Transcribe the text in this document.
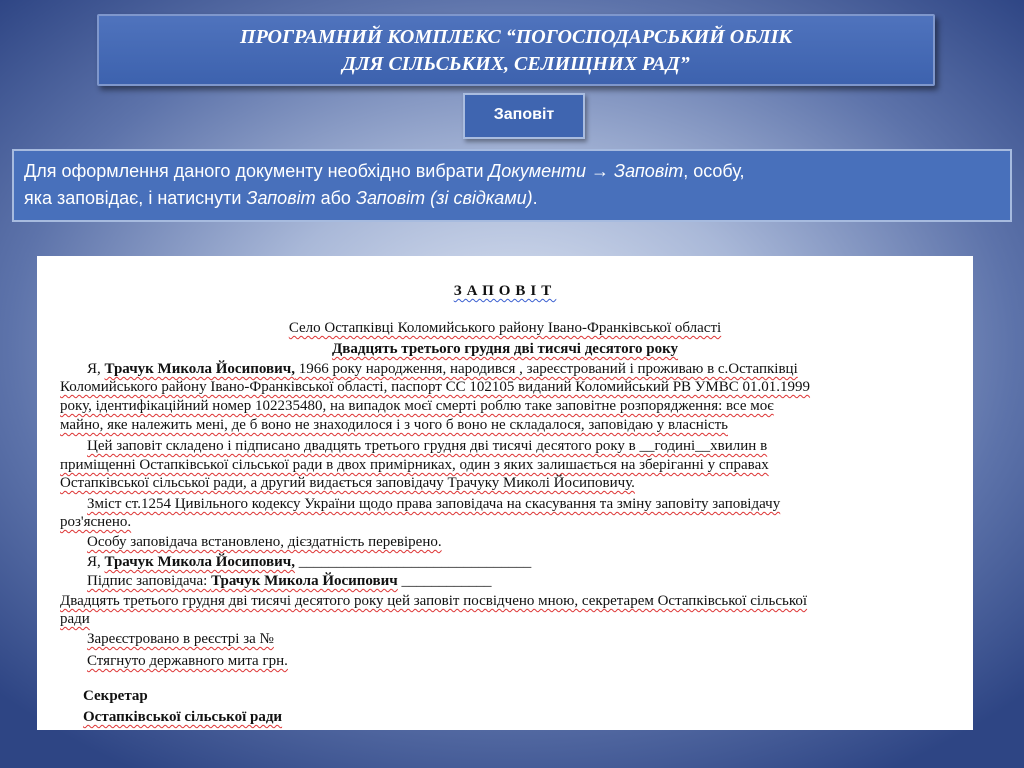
ПРОГРАМНИЙ КОМПЛЕКС “ПОГОСПОДАРСЬКИЙ ОБЛІК
ДЛЯ СІЛЬСЬКИХ, СЕЛИЩНИХ РАД”
Заповіт
Для оформлення даного документу необхідно вибрати Документи → Заповіт, особу,
яка заповідає, і натиснути Заповіт або Заповіт (зі свідками).
ЗАПОВІТ
Село Остапківці Коломийського району Івано-Франківської області
Двадцять третього грудня дві тисячі десятого року
Я, Трачук Микола Йосипович, 1966 року народження, народився , зареєстрований і проживаю в с.Остапківці
Коломийського району Івано-Франківської області, паспорт СС 102105 виданий Коломийський РВ УМВС 01.01.1999
року, ідентифікаційний номер 102235480, на випадок моєї смерті роблю таке заповітне розпорядження: все моє
майно, яке належить мені, де б воно не знаходилося і з чого б воно не складалося, заповідаю у власність
Цей заповіт складено і підписано двадцять третього грудня дві тисячі десятого року в __годині__хвилин в
приміщенні Остапківської сільської ради в двох примірниках, один з яких залишається на зберіганні у справах
Остапківської сільської ради, а другий видається заповідачу Трачуку Миколі Йосиповичу.
Зміст ст.1254 Цивільного кодексу України щодо права заповідача на скасування та зміну заповіту заповідачу
роз'яснено.
Особу заповідача встановлено, дієздатність перевірено.
Я, Трачук Микола Йосипович, _______________________________
Підпис заповідача: Трачук Микола Йосипович ____________
Двадцять третього грудня дві тисячі десятого року цей заповіт посвідчено мною, секретарем Остапківської сільської
ради
Зареєстровано в реєстрі за №
Стягнуто державного мита грн.
Секретар
Остапківської сільської ради
